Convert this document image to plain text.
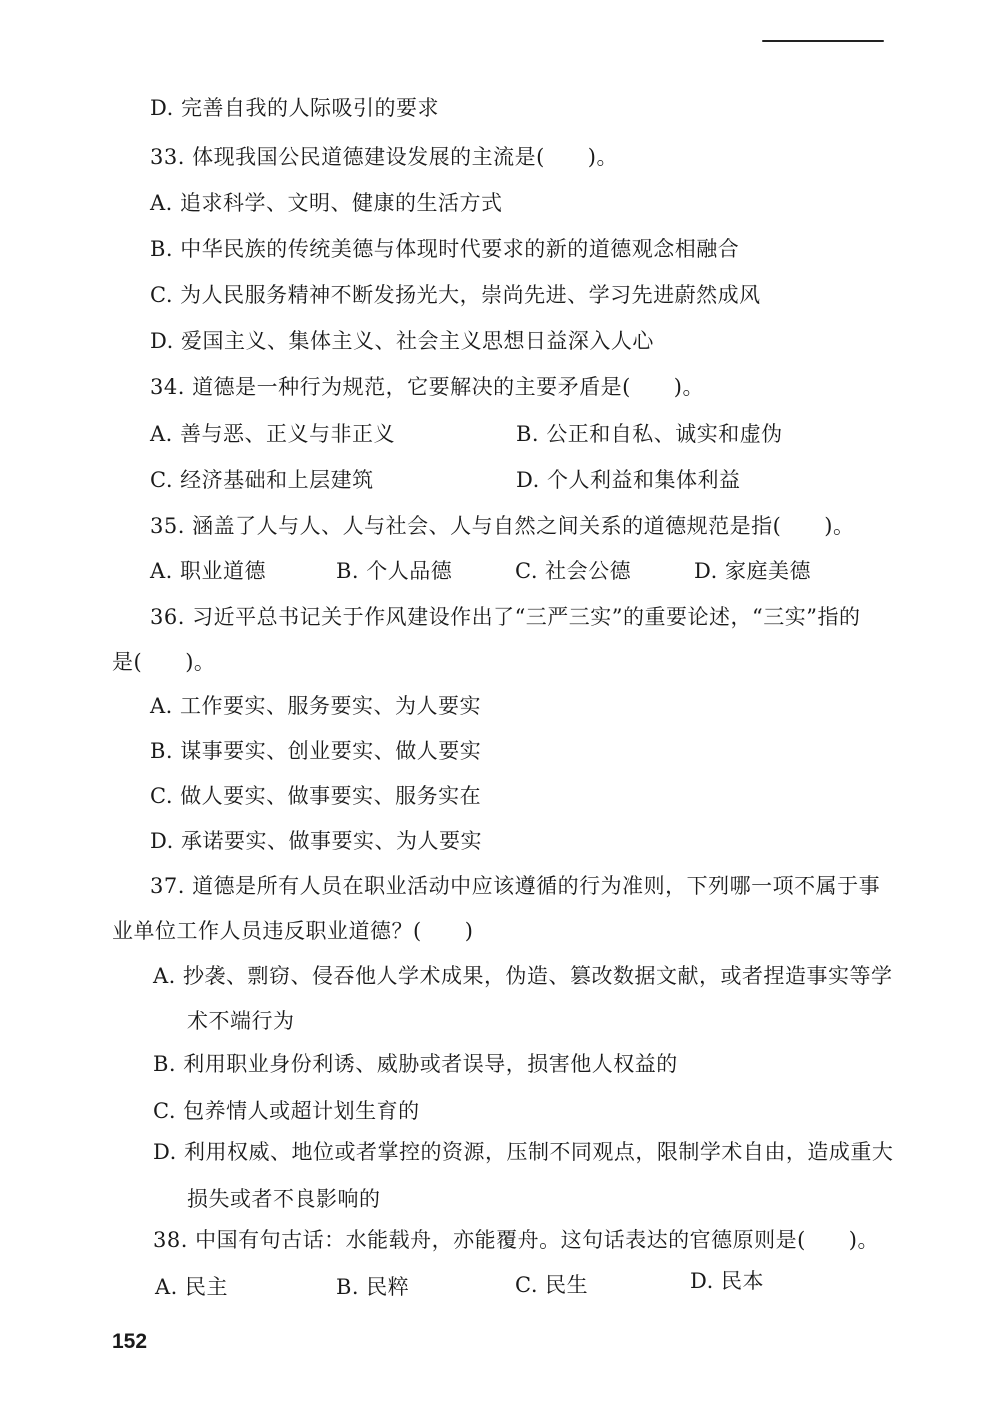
D. 完善自我的人际吸引的要求
33. 体现我国公民道德建设发展的主流是(　　)。
A. 追求科学、文明、健康的生活方式
B. 中华民族的传统美德与体现时代要求的新的道德观念相融合
C. 为人民服务精神不断发扬光大，崇尚先进、学习先进蔚然成风
D. 爱国主义、集体主义、社会主义思想日益深入人心
34. 道德是一种行为规范，它要解决的主要矛盾是(　　)。
A. 善与恶、正义与非正义	B. 公正和自私、诚实和虚伪
C. 经济基础和上层建筑	D. 个人利益和集体利益
35. 涵盖了人与人、人与社会、人与自然之间关系的道德规范是指(　　)。
A. 职业道德	B. 个人品德	C. 社会公德	D. 家庭美德
36. 习近平总书记关于作风建设作出了“三严三实”的重要论述，“三实”指的
是(　　)。
A. 工作要实、服务要实、为人要实
B. 谋事要实、创业要实、做人要实
C. 做人要实、做事要实、服务实在
D. 承诺要实、做事要实、为人要实
37. 道德是所有人员在职业活动中应该遵循的行为准则，下列哪一项不属于事
业单位工作人员违反职业道德？(　　)
A. 抄袭、剽窃、侵吞他人学术成果，伪造、篡改数据文献，或者捏造事实等学
术不端行为
B. 利用职业身份利诱、威胁或者误导，损害他人权益的
C. 包养情人或超计划生育的
D. 利用权威、地位或者掌控的资源，压制不同观点，限制学术自由，造成重大
损失或者不良影响的
38. 中国有句古话：水能载舟，亦能覆舟。这句话表达的官德原则是(　　)。
A. 民主	B. 民粹	C. 民生	D. 民本
152
